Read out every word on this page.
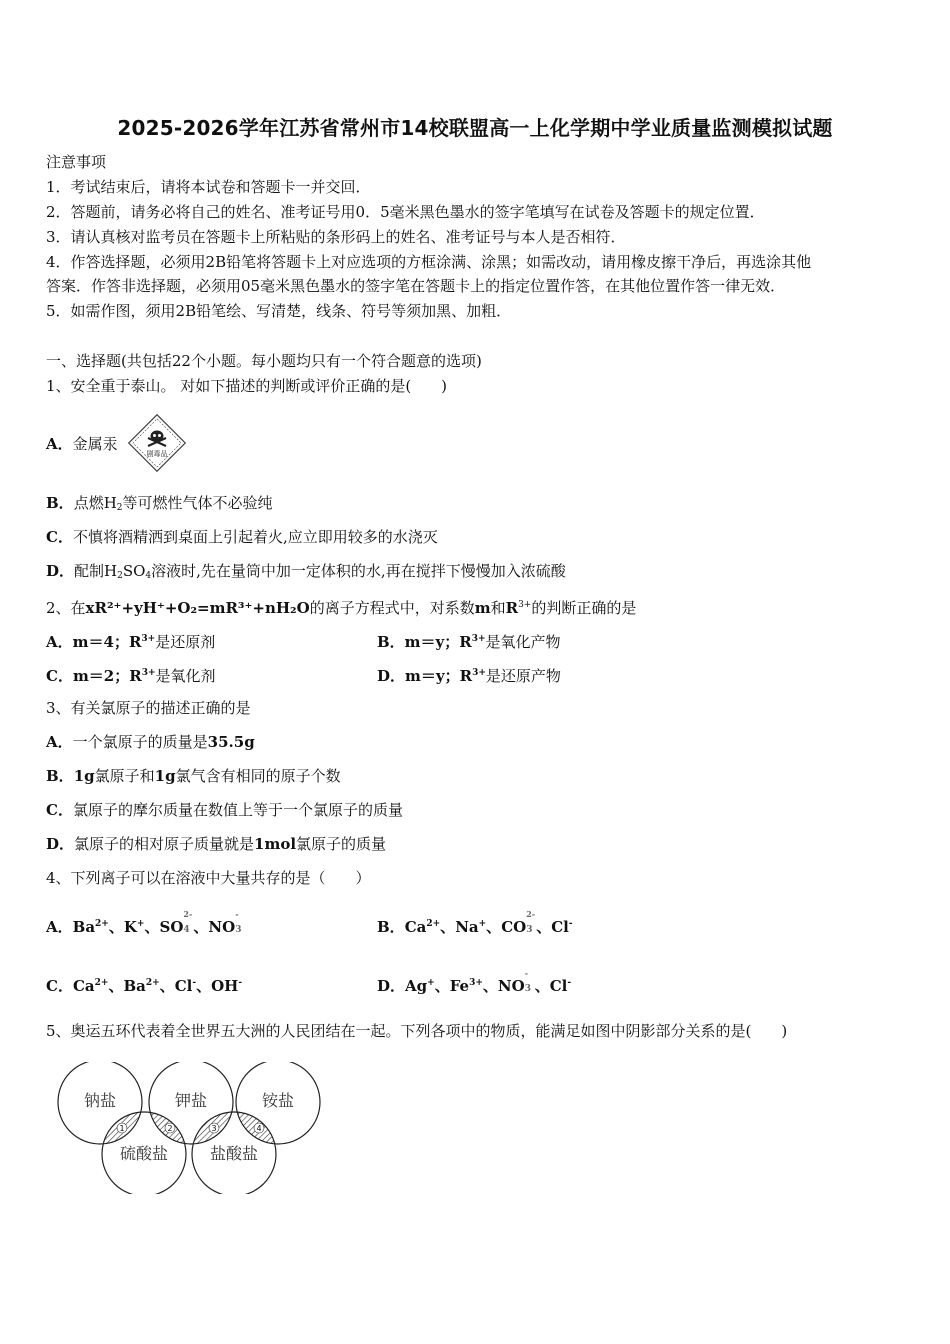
2025-2026学年江苏省常州市14校联盟高一上化学期中学业质量监测模拟试题
注意事项
1．考试结束后，请将本试卷和答题卡一并交回．
2．答题前，请务必将自己的姓名、准考证号用0．5毫米黑色墨水的签字笔填写在试卷及答题卡的规定位置．
3．请认真核对监考员在答题卡上所粘贴的条形码上的姓名、准考证号与本人是否相符．
4．作答选择题，必须用2B铅笔将答题卡上对应选项的方框涂满、涂黑；如需改动，请用橡皮擦干净后，再选涂其他
答案．作答非选择题，必须用05毫米黑色墨水的签字笔在答题卡上的指定位置作答，在其他位置作答一律无效．
5．如需作图，须用2B铅笔绘、写清楚，线条、符号等须加黑、加粗．
一、选择题(共包括22个小题。每小题均只有一个符合题意的选项)
1、安全重于泰山。 对如下描述的判断或评价正确的是(　　)
A．金属汞
剧毒品
B．点燃$H_2$等可燃性气体不必验纯
C．不慎将酒精洒到桌面上引起着火,应立即用较多的水浇灭
D．配制$H_2SO_4$溶液时,先在量筒中加一定体积的水,再在搅拌下慢慢加入浓硫酸
2、在xR²⁺+yH⁺+O₂=mR³⁺+nH₂O的离子方程式中，对系数m和$R^{3+}$的判断正确的是
A．m＝4；$R^{3+}$是还原剂	B．m＝y；$R^{3+}$是氧化产物
C．m＝2；$R^{3+}$是氧化剂	D．m＝y；$R^{3+}$是还原产物
3、有关氯原子的描述正确的是
A．一个氯原子的质量是35.5g
B．1g氯原子和1g氯气含有相同的原子个数
C．氯原子的摩尔质量在数值上等于一个氯原子的质量
D．氯原子的相对原子质量就是1mol氯原子的质量
4、下列离子可以在溶液中大量共存的是（　　）
A．$Ba^{2+}$、K+、SO
2-
4 、NO
-
3	B．$Ca^{2+}$、Na+、CO
2-
3 、Cl-
C．$Ca^{2+}$、$Ba^{2+}$、Cl-、OH-	D．Ag+、$Fe^{3+}$、NO
-
3 、Cl-
5、奥运五环代表着全世界五大洲的人民团结在一起。下列各项中的物质，能满足如图中阴影部分关系的是(　　)
钠盐	钾盐	铵盐
硫酸盐	盐酸盐
1	2	3	4
